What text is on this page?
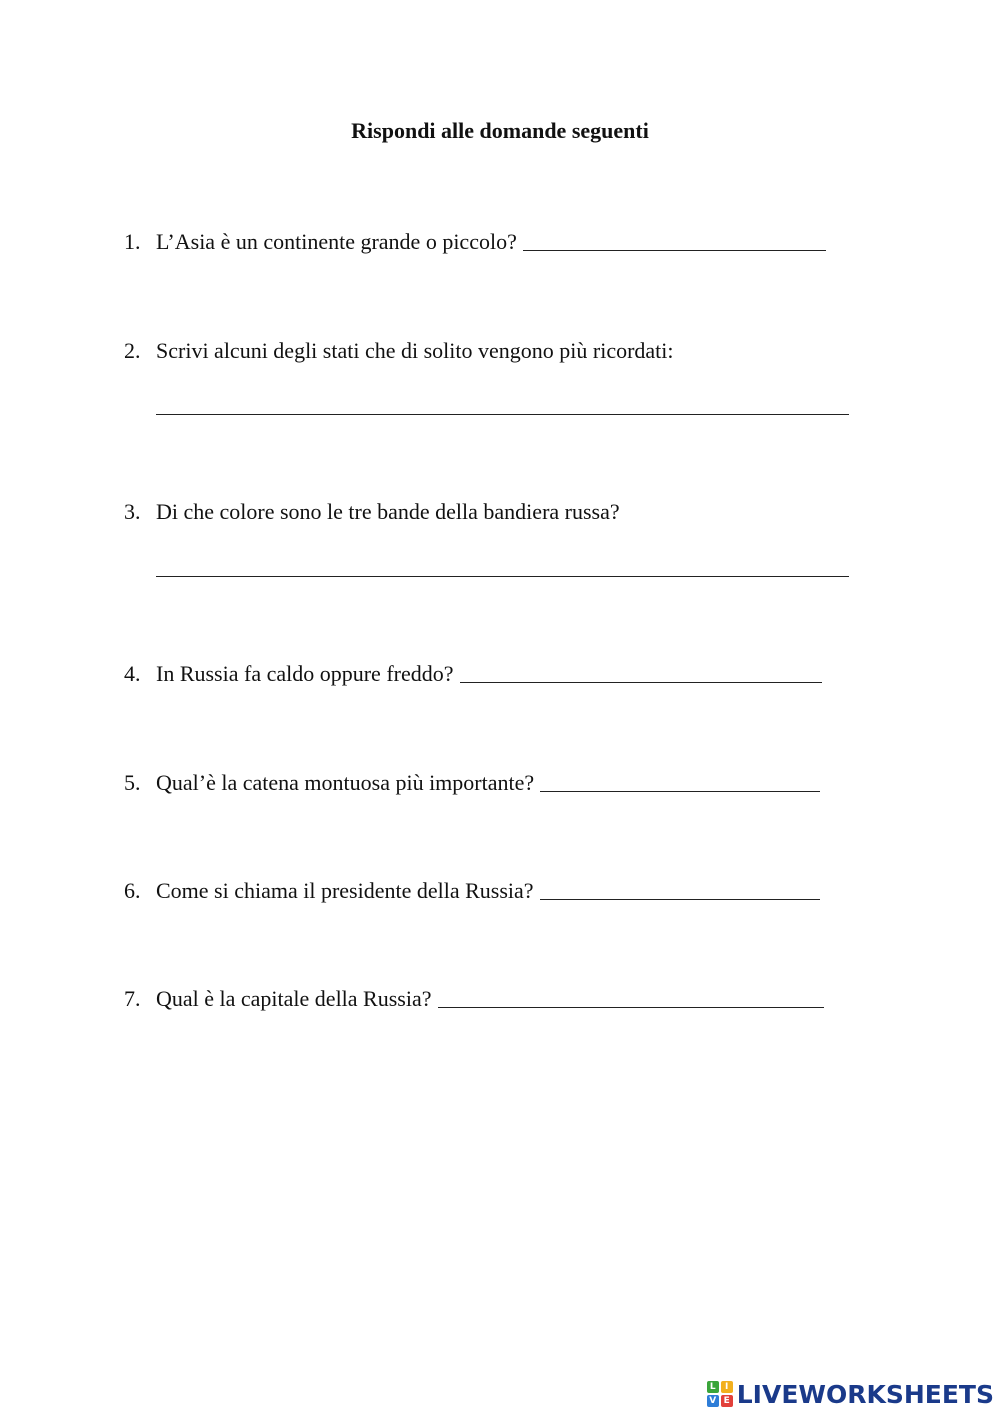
Rispondi alle domande seguenti
1. L’Asia è un continente grande o piccolo?
2. Scrivi alcuni degli stati che di solito vengono più ricordati:
3. Di che colore sono le tre bande della bandiera russa?
4. In Russia fa caldo oppure freddo?
5. Qual’è la catena montuosa più importante?
6. Come si chiama il presidente della Russia?
7. Qual è la capitale della Russia?
L	I
V E LIVEWORKSHEETS
